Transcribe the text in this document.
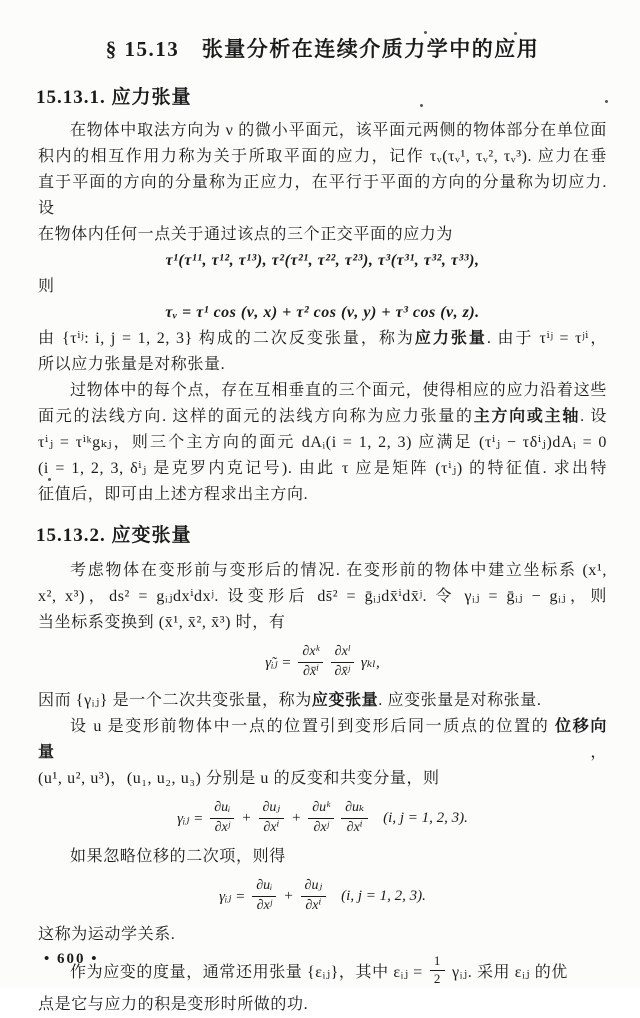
§ 15.13　张量分析在连续介质力学中的应用
15.13.1. 应力张量
在物体中取法方向为 ν 的微小平面元，该平面元两侧的物体部分在单位面
积内的相互作用力称为关于所取平面的应力，记作 τᵥ(τᵥ¹, τᵥ², τᵥ³). 应力在垂
直于平面的方向的分量称为正应力，在平行于平面的方向的分量称为切应力. 设
在物体内任何一点关于通过该点的三个正交平面的应力为
τ¹(τ¹¹, τ¹², τ¹³), τ²(τ²¹, τ²², τ²³), τ³(τ³¹, τ³², τ³³),
则
τᵥ = τ¹ cos (ν, x) + τ² cos (ν, y) + τ³ cos (ν, z).
由 {τⁱʲ: i, j = 1, 2, 3} 构成的二次反变张量，称为应力张量. 由于 τⁱʲ = τʲⁱ，
所以应力张量是对称张量.
过物体中的每个点，存在互相垂直的三个面元，使得相应的应力沿着这些
面元的法线方向. 这样的面元的法线方向称为应力张量的主方向或主轴. 设
τⁱⱼ = τⁱᵏgₖⱼ，则三个主方向的面元 dAᵢ(i = 1, 2, 3) 应满足 (τⁱⱼ − τδⁱⱼ)dAᵢ = 0
(i = 1, 2, 3, δⁱⱼ 是克罗内克记号). 由此 τ 应是矩阵 (τⁱⱼ) 的特征值. 求出特
征值后，即可由上述方程求出主方向.
15.13.2. 应变张量
考虑物体在变形前与变形后的情况. 在变形前的物体中建立坐标系 (x¹,
x², x³)，ds² = gᵢⱼdxⁱdxʲ. 设变形后 ds̄² = ḡᵢⱼdx̄ⁱdx̄ʲ. 令 γᵢⱼ = ḡᵢⱼ − gᵢⱼ，则
当坐标系变换到 (x̄¹, x̄², x̄³) 时，有
γ̃ᵢⱼ = $\frac{\text{∂xᵏ}}{\text{∂x̄ⁱ}} \frac{\text{∂xˡ}}{\text{∂x̄ʲ}} \gamma_{kl}$,
因而 {γᵢⱼ} 是一个二次共变张量，称为应变张量. 应变张量是对称张量.
设 u 是变形前物体中一点的位置引到变形后同一质点的位置的 位移向量，
(u¹, u², u³)，(u₁, u₂, u₃) 分别是 u 的反变和共变分量，则
γᵢⱼ = $\frac{\text{∂uᵢ}}{\text{∂xʲ}} + \frac{\text{∂uⱼ}}{\text{∂xⁱ}} + \frac{\text{∂uᵏ}}{\text{∂xʲ}} \frac{\text{∂uₖ}}{\text{∂xⁱ}} (i$, j = 1, 2, 3).
如果忽略位移的二次项，则得
γᵢⱼ = $\frac{\text{∂uᵢ}}{\text{∂xʲ}} + \frac{\text{∂uⱼ}}{\text{∂xⁱ}} (i$, j = 1, 2, 3).
这称为运动学关系.
作为应变的度量，通常还用张量 {εᵢⱼ}，其中 εᵢⱼ = $\frac{1}{2}$ γᵢⱼ. 采用 εᵢⱼ 的优
点是它与应力的积是变形时所做的功.
• 600 •
